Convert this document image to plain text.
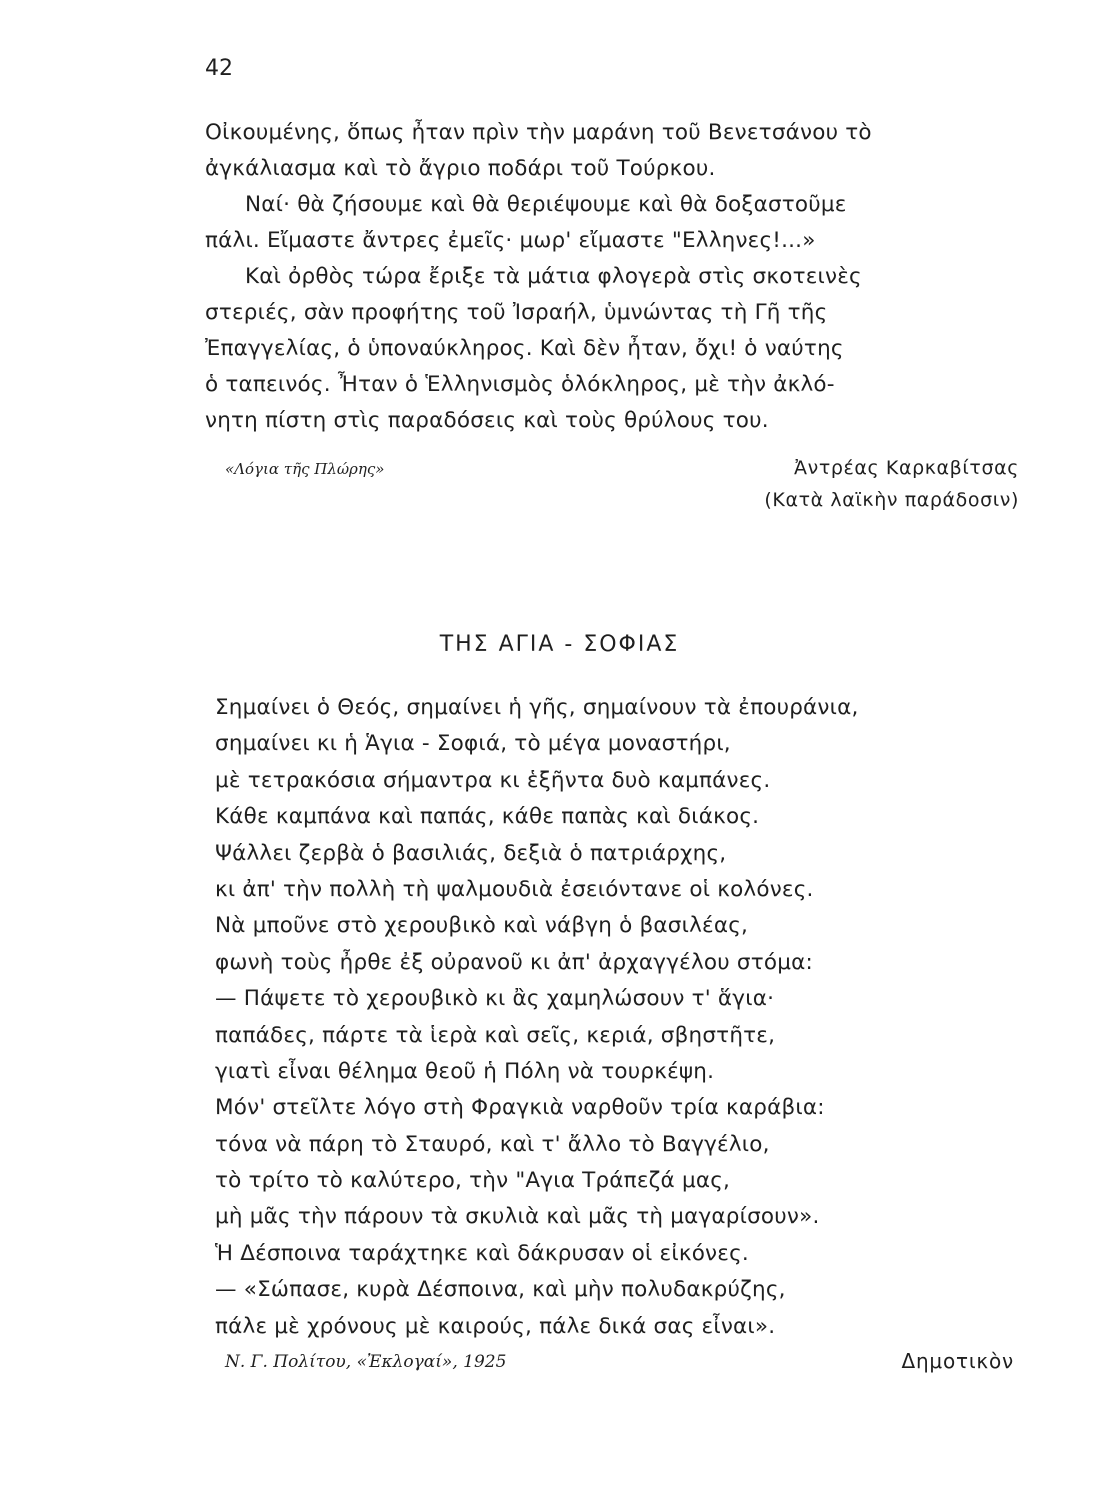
42
Οἰκουμένης, ὅπως ἦταν πρὶν τὴν μαράνη τοῦ Βενετσάνου τὸ
ἀγκάλιασμα καὶ τὸ ἄγριο ποδάρι τοῦ Τούρκου.
Ναί· θὰ ζήσουμε καὶ θὰ θεριέψουμε καὶ θὰ δοξαστοῦμε
πάλι. Εἴμαστε ἄντρες ἐμεῖς· μωρ' εἴμαστε "Ελληνες!...»
Καὶ ὀρθὸς τώρα ἔριξε τὰ μάτια φλογερὰ στὶς σκοτεινὲς
στεριές, σὰν προφήτης τοῦ Ἰσραήλ, ὑμνώντας τὴ Γῆ τῆς
Ἐπαγγελίας, ὁ ὑποναύκληρος. Καὶ δὲν ἦταν, ὄχι! ὁ ναύτης
ὁ ταπεινός. Ἦταν ὁ Ἑλληνισμὸς ὁλόκληρος, μὲ τὴν ἀκλό-
νητη πίστη στὶς παραδόσεις καὶ τοὺς θρύλους του.
«Λόγια τῆς Πλώρης»	Ἀντρέας Καρκαβίτσας
(Κατὰ λαϊκὴν παράδοσιν)
ΤΗΣ ΑΓΙΑ - ΣΟΦΙΑΣ
Σημαίνει ὁ Θεός, σημαίνει ἡ γῆς, σημαίνουν τὰ ἐπουράνια,
σημαίνει κι ἡ Ἁγια - Σοφιά, τὸ μέγα μοναστήρι,
μὲ τετρακόσια σήμαντρα κι ἑξῆντα δυὸ καμπάνες.
Κάθε καμπάνα καὶ παπάς, κάθε παπὰς καὶ διάκος.
Ψάλλει ζερβὰ ὁ βασιλιάς, δεξιὰ ὁ πατριάρχης,
κι ἀπ' τὴν πολλὴ τὴ ψαλμουδιὰ ἐσειόντανε οἱ κολόνες.
Νὰ μποῦνε στὸ χερουβικὸ καὶ νάβγη ὁ βασιλέας,
φωνὴ τοὺς ἦρθε ἐξ οὐρανοῦ κι ἀπ' ἀρχαγγέλου στόμα:
— Πάψετε τὸ χερουβικὸ κι ἂς χαμηλώσουν τ' ἅγια·
παπάδες, πάρτε τὰ ἱερὰ καὶ σεῖς, κεριά, σβηστῆτε,
γιατὶ εἶναι θέλημα θεοῦ ἡ Πόλη νὰ τουρκέψη.
Μόν' στεῖλτε λόγο στὴ Φραγκιὰ ναρθοῦν τρία καράβια:
τόνα νὰ πάρη τὸ Σταυρό, καὶ τ' ἄλλο τὸ Βαγγέλιο,
τὸ τρίτο τὸ καλύτερο, τὴν "Αγια Τράπεζά μας,
μὴ μᾶς τὴν πάρουν τὰ σκυλιὰ καὶ μᾶς τὴ μαγαρίσουν».
Ἡ Δέσποινα ταράχτηκε καὶ δάκρυσαν οἱ εἰκόνες.
— «Σώπασε, κυρὰ Δέσποινα, καὶ μὴν πολυδακρύζης,
πάλε μὲ χρόνους μὲ καιρούς, πάλε δικά σας εἶναι».
Ν. Γ. Πολίτου, «Ἐκλογαί», 1925	Δημοτικὸν
